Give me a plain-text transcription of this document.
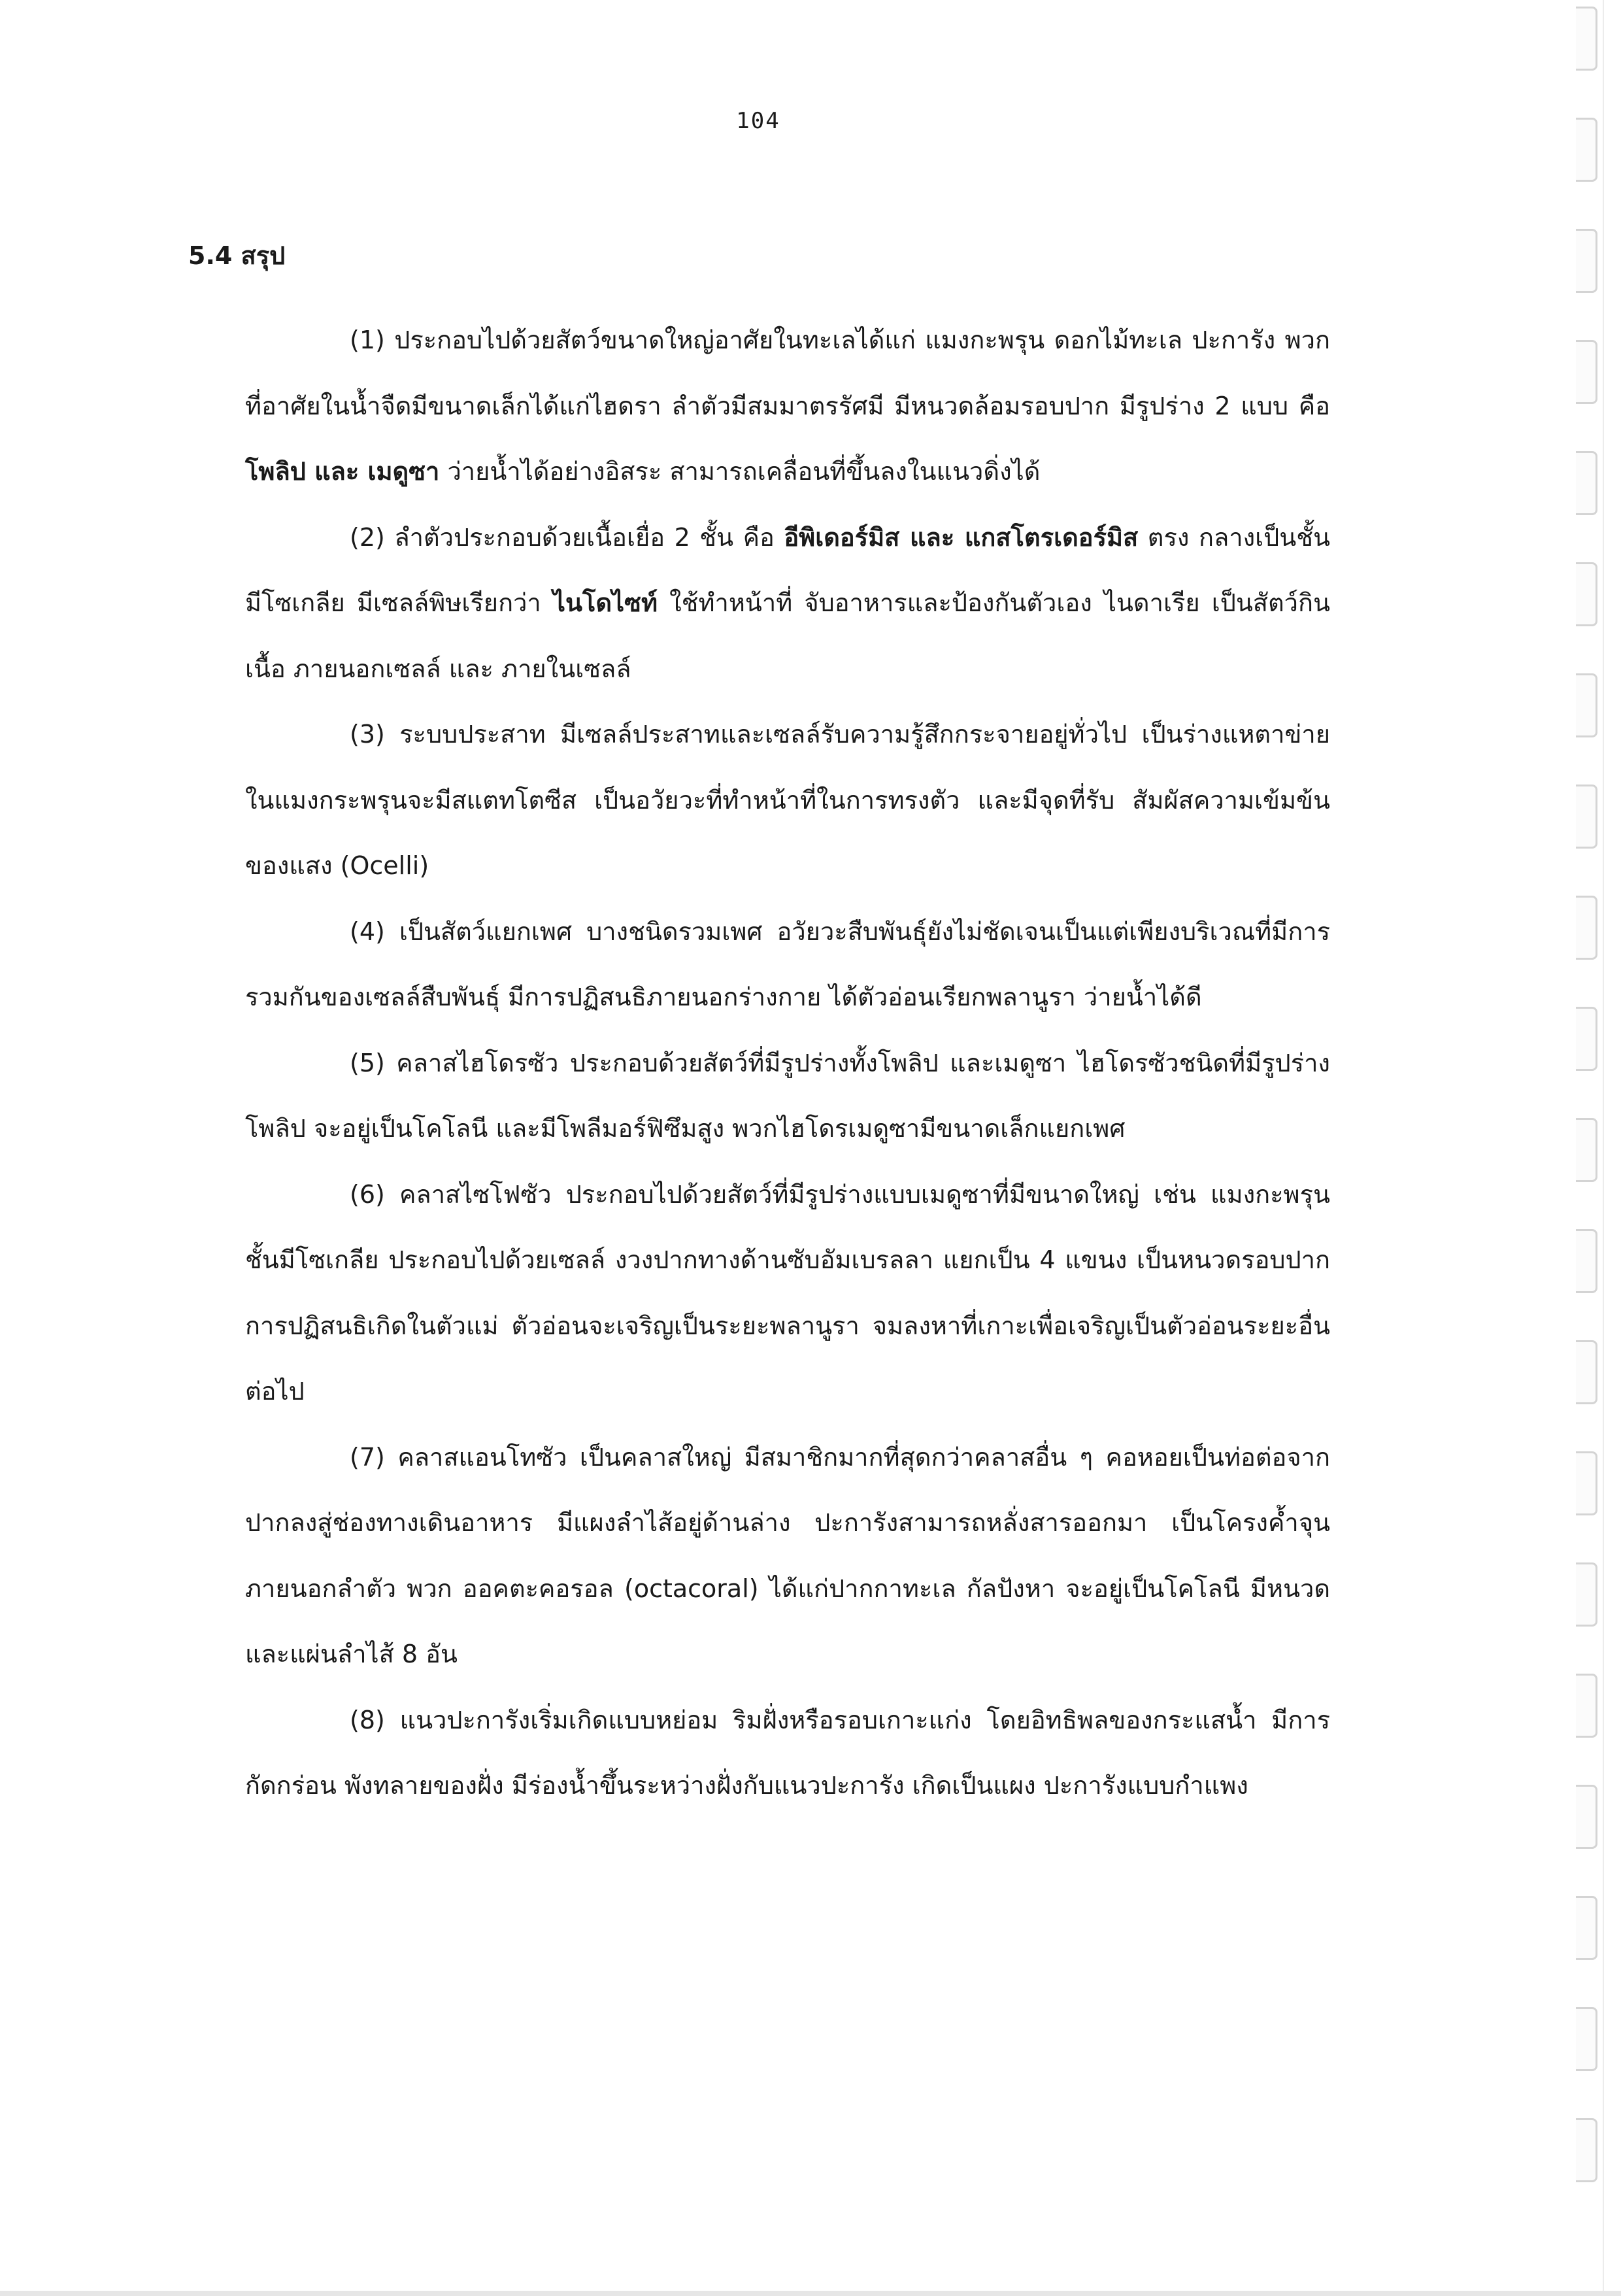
104
5.4 สรุป

(1) ประกอบไปด้วยสัตว์ขนาดใหญ่อาศัยในทะเลได้แก่ แมงกะพรุน ดอกไม้ทะเล ปะการัง พวกที่อาศัยในน้ำจืดมีขนาดเล็กได้แก่ไฮดรา ลำตัวมีสมมาตรรัศมี มีหนวดล้อมรอบปาก มีรูปร่าง 2 แบบ คือ โพลิป และ เมดูซา ว่ายน้ำได้อย่างอิสระ สามารถเคลื่อนที่ขึ้นลงในแนวดิ่งได้

(2) ลำตัวประกอบด้วยเนื้อเยื่อ 2 ชั้น คือ อีพิเดอร์มิส และ แกสโตรเดอร์มิส ตรง กลางเป็นชั้นมีโซเกลีย มีเซลล์พิษเรียกว่า ไนโดไซท์ ใช้ทำหน้าที่ จับอาหารและป้องกันตัวเอง ไนดาเรีย เป็นสัตว์กินเนื้อ ภายนอกเซลล์ และ ภายในเซลล์

(3) ระบบประสาท มีเซลล์ประสาทและเซลล์รับความรู้สึกกระจายอยู่ทั่วไป เป็นร่างแหตาข่าย ในแมงกระพรุนจะมีสแตทโตซีส เป็นอวัยวะที่ทำหน้าที่ในการทรงตัว และมีจุดที่รับ สัมผัสความเข้มข้นของแสง (Ocelli)

(4) เป็นสัตว์แยกเพศ บางชนิดรวมเพศ อวัยวะสืบพันธุ์ยังไม่ชัดเจนเป็นแต่เพียงบริเวณที่มีการรวมกันของเซลล์สืบพันธุ์ มีการปฏิสนธิภายนอกร่างกาย ได้ตัวอ่อนเรียกพลานูรา ว่ายน้ำได้ดี

(5) คลาสไฮโดรซัว ประกอบด้วยสัตว์ที่มีรูปร่างทั้งโพลิป และเมดูซา ไฮโดรซัวชนิดที่มีรูปร่างโพลิป จะอยู่เป็นโคโลนี และมีโพลีมอร์ฟิซึมสูง พวกไฮโดรเมดูซามีขนาดเล็กแยกเพศ

(6) คลาสไซโฟซัว ประกอบไปด้วยสัตว์ที่มีรูปร่างแบบเมดูซาที่มีขนาดใหญ่ เช่น แมงกะพรุน ชั้นมีโซเกลีย ประกอบไปด้วยเซลล์ งวงปากทางด้านซับอัมเบรลลา แยกเป็น 4 แขนง เป็นหนวดรอบปาก การปฏิสนธิเกิดในตัวแม่ ตัวอ่อนจะเจริญเป็นระยะพลานูรา จมลงหาที่เกาะเพื่อเจริญเป็นตัวอ่อนระยะอื่นต่อไป

(7) คลาสแอนโทซัว เป็นคลาสใหญ่ มีสมาชิกมากที่สุดกว่าคลาสอื่น ๆ คอหอยเป็นท่อต่อจากปากลงสู่ช่องทางเดินอาหาร มีแผงลำไส้อยู่ด้านล่าง ปะการังสามารถหลั่งสารออกมา เป็นโครงค้ำจุนภายนอกลำตัว พวก ออคตะคอรอล (octacoral) ได้แก่ปากกาทะเล กัลปังหา จะอยู่เป็นโคโลนี มีหนวด และแผ่นลำไส้ 8 อัน

(8) แนวปะการังเริ่มเกิดแบบหย่อม ริมฝั่งหรือรอบเกาะแก่ง โดยอิทธิพลของกระแสน้ำ มีการกัดกร่อน พังทลายของฝั่ง มีร่องน้ำขึ้นระหว่างฝั่งกับแนวปะการัง เกิดเป็นแผง ปะการังแบบกำแพง
